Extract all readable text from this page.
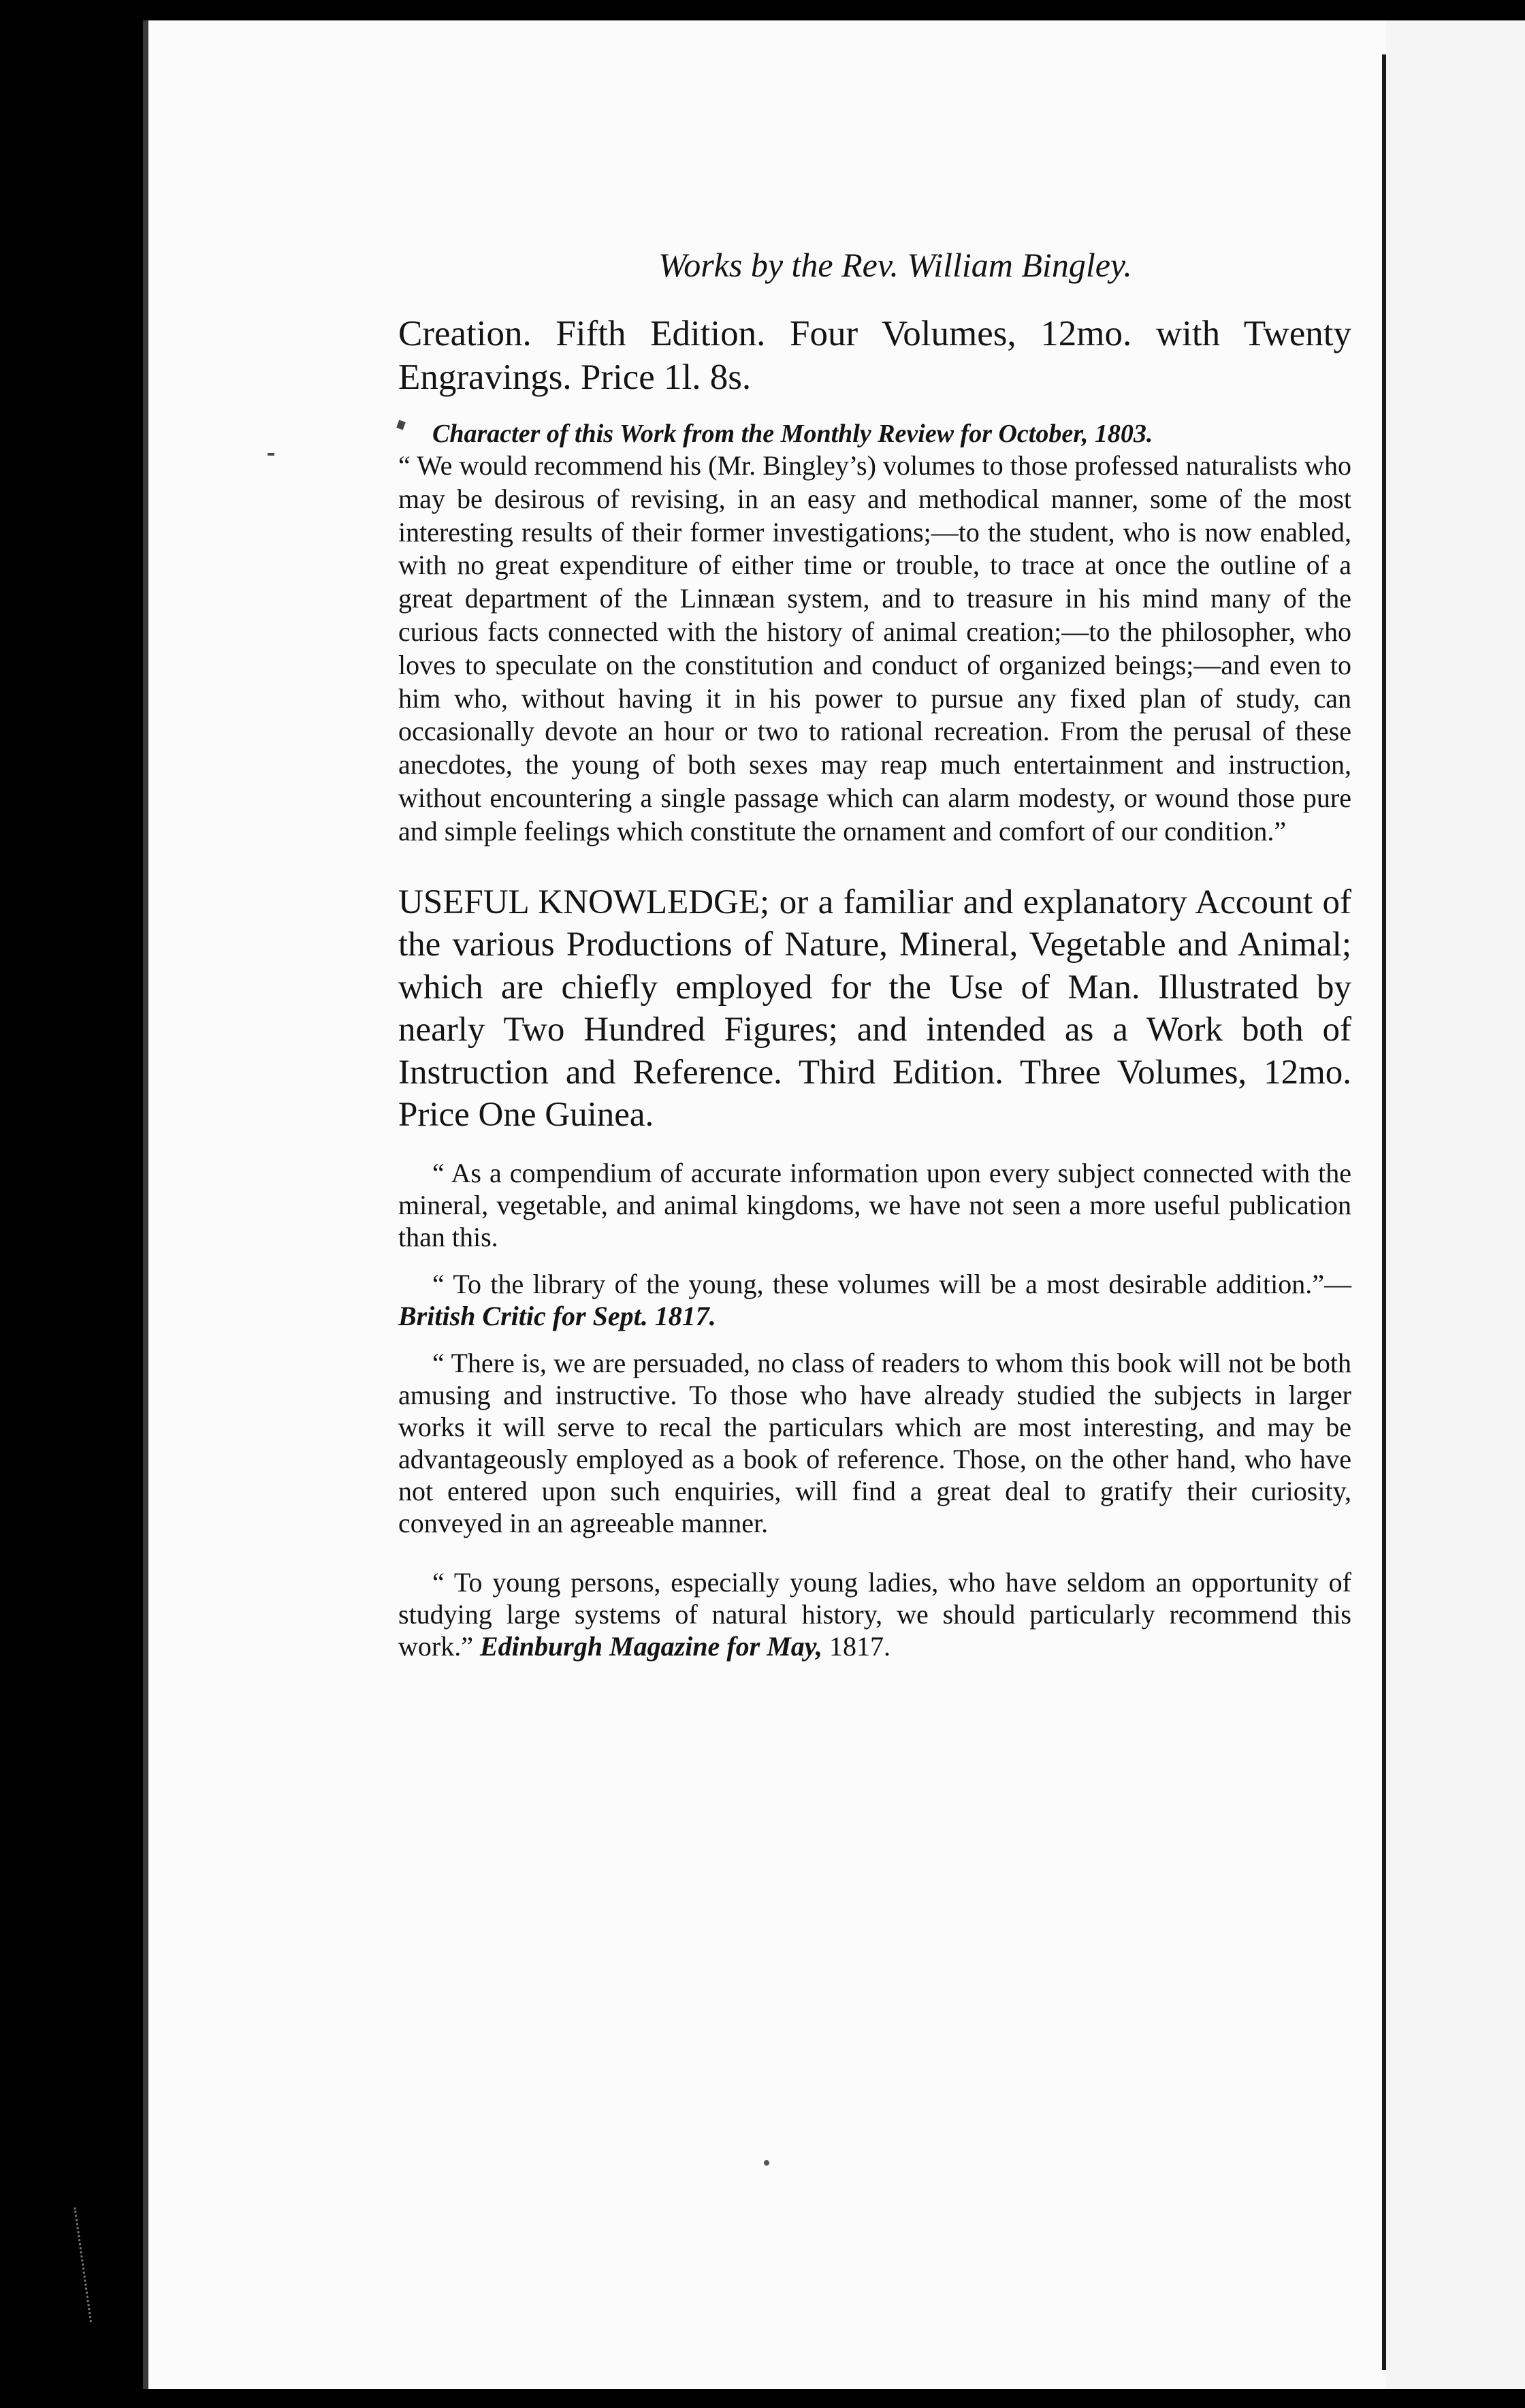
Works by the Rev. William Bingley.

Creation. Fifth Edition. Four Volumes, 12mo. with Twenty Engravings. Price 1l. 8s.

Character of this Work from the Monthly Review for October, 1803.

“ We would recommend his (Mr. Bingley’s) volumes to those professed naturalists who may be desirous of revising, in an easy and methodical manner, some of the most interesting results of their former investigations;—to the student, who is now enabled, with no great expenditure of either time or trouble, to trace at once the outline of a great department of the Linnæan system, and to treasure in his mind many of the curious facts connected with the history of animal creation;—to the philosopher, who loves to speculate on the constitution and conduct of organized beings;—and even to him who, without having it in his power to pursue any fixed plan of study, can occasionally devote an hour or two to rational recreation. From the perusal of these anecdotes, the young of both sexes may reap much entertainment and instruction, without encountering a single passage which can alarm modesty, or wound those pure and simple feelings which constitute the ornament and comfort of our condition.”

USEFUL KNOWLEDGE; or a familiar and explanatory Account of the various Productions of Nature, Mineral, Vegetable and Animal; which are chiefly employed for the Use of Man. Illustrated by nearly Two Hundred Figures; and intended as a Work both of Instruction and Reference. Third Edition. Three Volumes, 12mo. Price One Guinea.

“ As a compendium of accurate information upon every subject connected with the mineral, vegetable, and animal kingdoms, we have not seen a more useful publication than this.

“ To the library of the young, these volumes will be a most desirable addition.”—British Critic for Sept. 1817.

“ There is, we are persuaded, no class of readers to whom this book will not be both amusing and instructive. To those who have already studied the subjects in larger works it will serve to recal the particulars which are most interesting, and may be advantageously employed as a book of reference. Those, on the other hand, who have not entered upon such enquiries, will find a great deal to gratify their curiosity, conveyed in an agreeable manner.

“ To young persons, especially young ladies, who have seldom an opportunity of studying large systems of natural history, we should particularly recommend this work.” Edinburgh Magazine for May, 1817.
